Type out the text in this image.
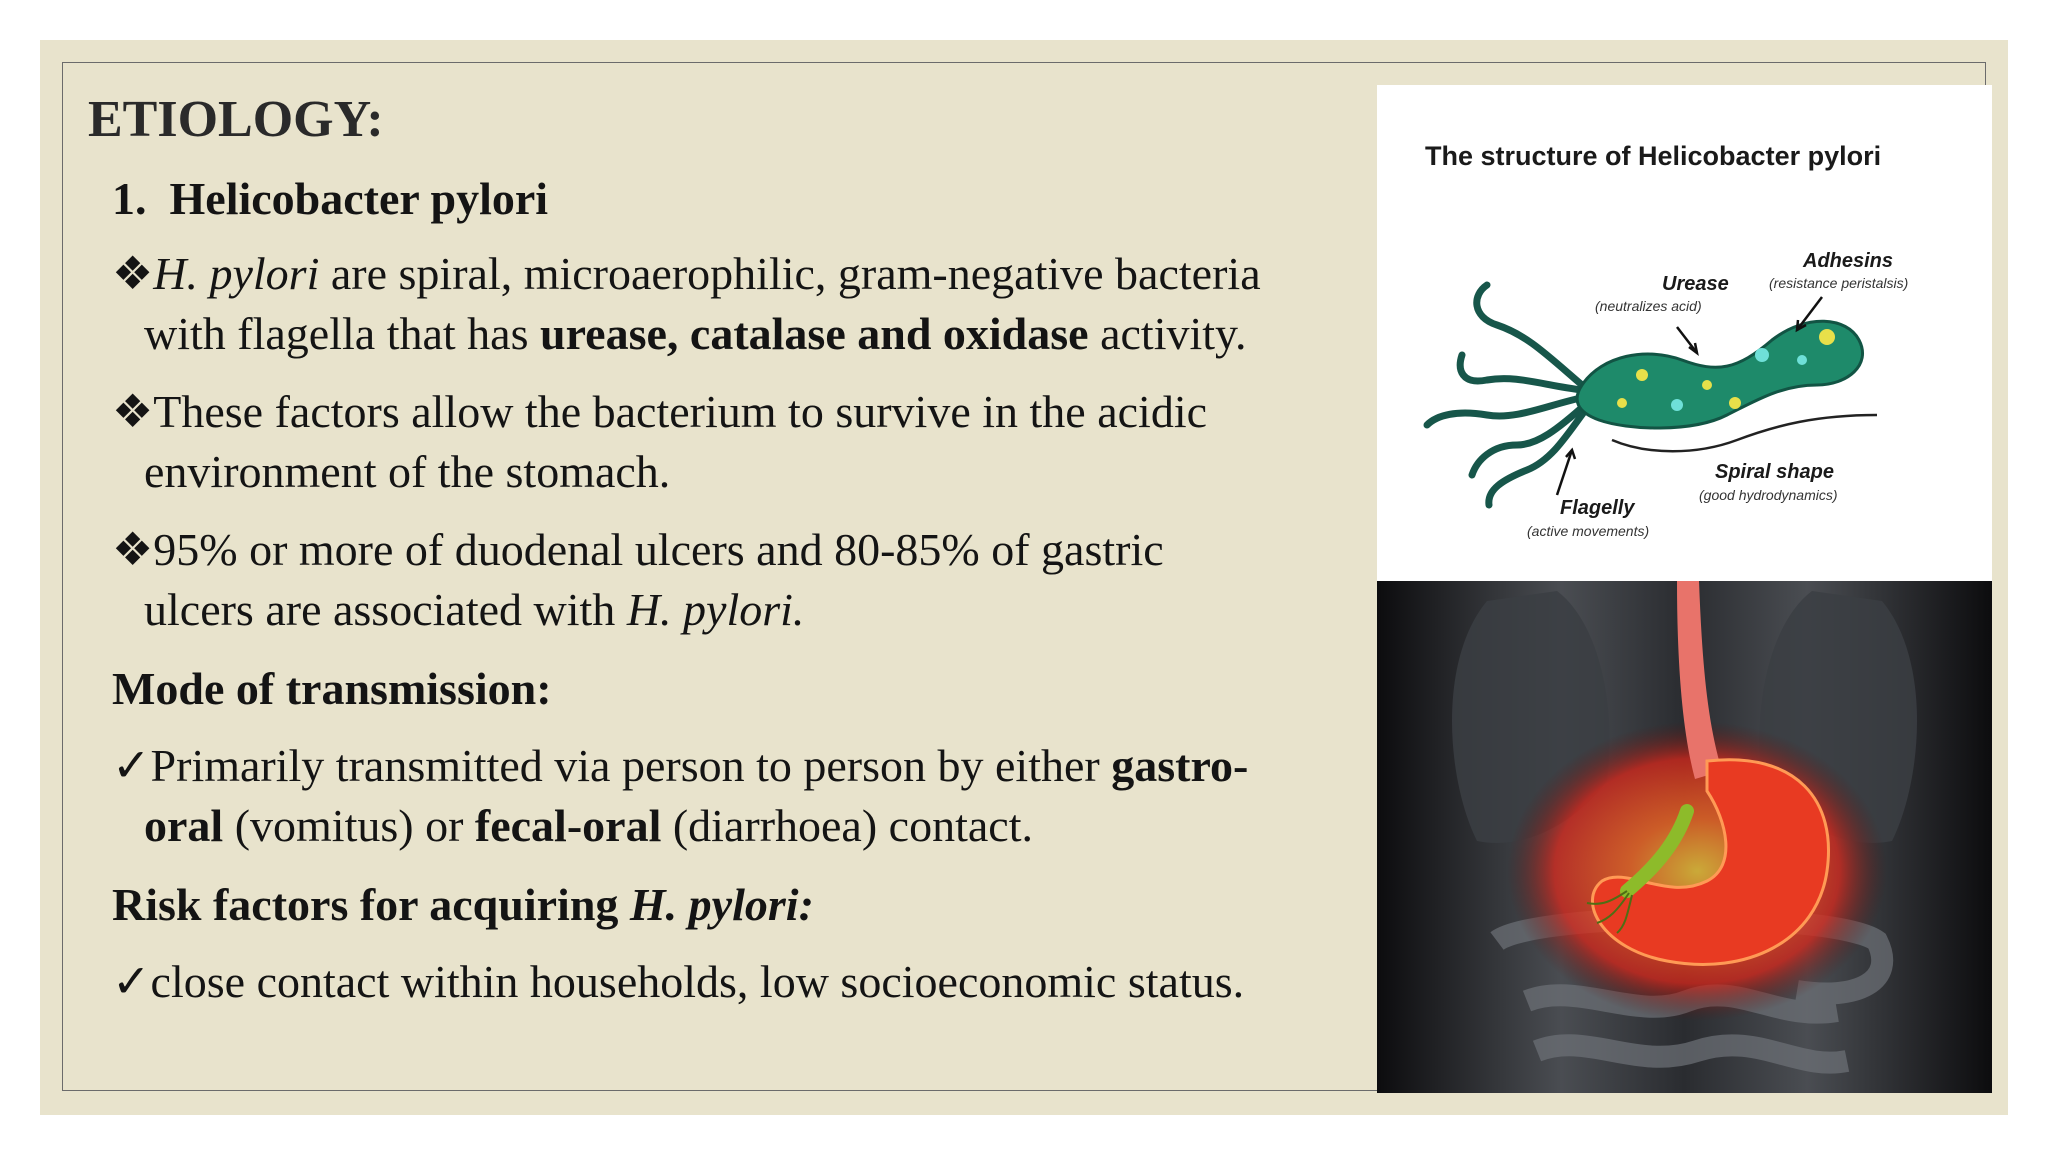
ETIOLOGY:
1. Helicobacter pylori
❖H. pylori are spiral, microaerophilic, gram-negative bacteria
with flagella that has urease, catalase and oxidase activity.
❖These factors allow the bacterium to survive in the acidic
environment of the stomach.
❖95% or more of duodenal ulcers and 80-85% of gastric
ulcers are associated with H. pylori.
Mode of transmission:
✓Primarily transmitted via person to person by either gastro-
oral (vomitus) or fecal-oral (diarrhoea) contact.
Risk factors for acquiring H. pylori:
✓close contact within households, low socioeconomic status.
The structure of Helicobacter pylori
Urease
(neutralizes acid)
Adhesins
(resistance peristalsis)
Spiral shape
(good hydrodynamics)
Flagelly
(active movements)
